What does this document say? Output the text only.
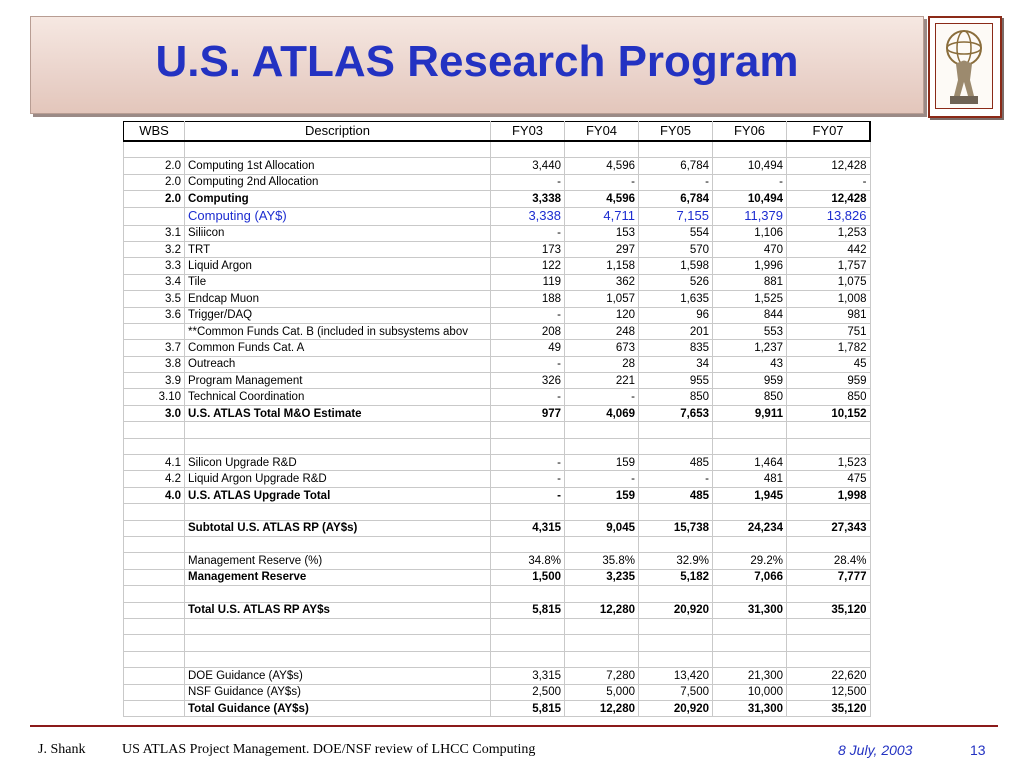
U.S. ATLAS Research Program
WBS	Description	FY03	FY04	FY05	FY06	FY07

2.0	Computing 1st Allocation	3,440	4,596	6,784	10,494	12,428
2.0	Computing 2nd Allocation	-	-	-	-	-
2.0	Computing	3,338	4,596	6,784	10,494	12,428
	Computing (AY$)	3,338	4,711	7,155	11,379	13,826
3.1	Siliicon	-	153	554	1,106	1,253
3.2	TRT	173	297	570	470	442
3.3	Liquid Argon	122	1,158	1,598	1,996	1,757
3.4	Tile	119	362	526	881	1,075
3.5	Endcap Muon	188	1,057	1,635	1,525	1,008
3.6	Trigger/DAQ	-	120	96	844	981
	**Common Funds Cat. B (included in subsystems abov	208	248	201	553	751
3.7	Common Funds Cat. A	49	673	835	1,237	1,782
3.8	Outreach	-	28	34	43	45
3.9	Program Management	326	221	955	959	959
3.10	Technical Coordination	-	-	850	850	850
3.0	U.S. ATLAS Total M&O Estimate	977	4,069	7,653	9,911	10,152

4.1	Silicon Upgrade R&D	-	159	485	1,464	1,523
4.2	Liquid Argon Upgrade R&D	-	-	-	481	475
4.0	U.S. ATLAS Upgrade Total	-	159	485	1,945	1,998

	Subtotal U.S. ATLAS RP (AY$s)	4,315	9,045	15,738	24,234	27,343

	Management Reserve (%)	34.8%	35.8%	32.9%	29.2%	28.4%
	Management Reserve	1,500	3,235	5,182	7,066	7,777

	Total U.S. ATLAS RP AY$s	5,815	12,280	20,920	31,300	35,120

	DOE Guidance (AY$s)	3,315	7,280	13,420	21,300	22,620
	NSF Guidance (AY$s)	2,500	5,000	7,500	10,000	12,500
	Total Guidance (AY$s)	5,815	12,280	20,920	31,300	35,120
J. Shank	US ATLAS Project Management. DOE/NSF review of LHCC Computing	8 July, 2003	13
